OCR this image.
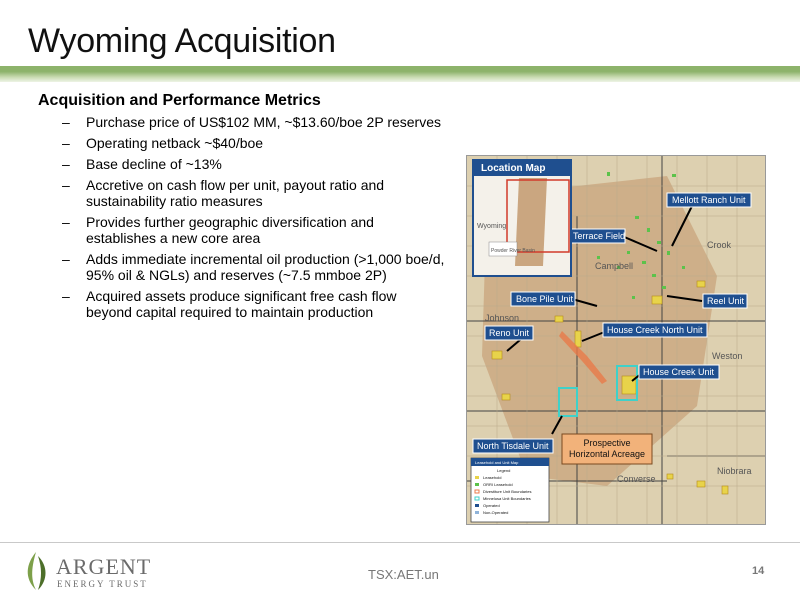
Wyoming Acquisition
Acquisition and Performance Metrics
– Purchase price of US$102 MM, ~$13.60/boe 2P reserves
– Operating netback ~$40/boe
– Base decline of ~13%
– Accretive on cash flow per unit, payout ratio and sustainability ratio measures
– Provides further geographic diversification and establishes a new core area
– Adds immediate incremental oil production (>1,000 boe/d, 95% oil & NGLs) and reserves (~7.5 mmboe 2P)
– Acquired assets produce significant free cash flow beyond capital required to maintain production
Crook
Campbell
Johnson
Weston
Converse
Niobrara
Mellott Ranch Unit
Terrace Field
Bone Pile Unit	Reel Unit
House Creek North Unit
Reno Unit
House Creek Unit
North Tisdale Unit	Prospective Horizontal Acreage
Location Map
Wyoming
Powder River Basin
Leasehold and Unit Map
Legend
Leasehold
ORRI Leasehold
Divestiture Unit Boundaries
Minnelusa Unit Boundaries
Operated
Non-Operated
ARGENT
ENERGY TRUST
TSX:AET.un	14
